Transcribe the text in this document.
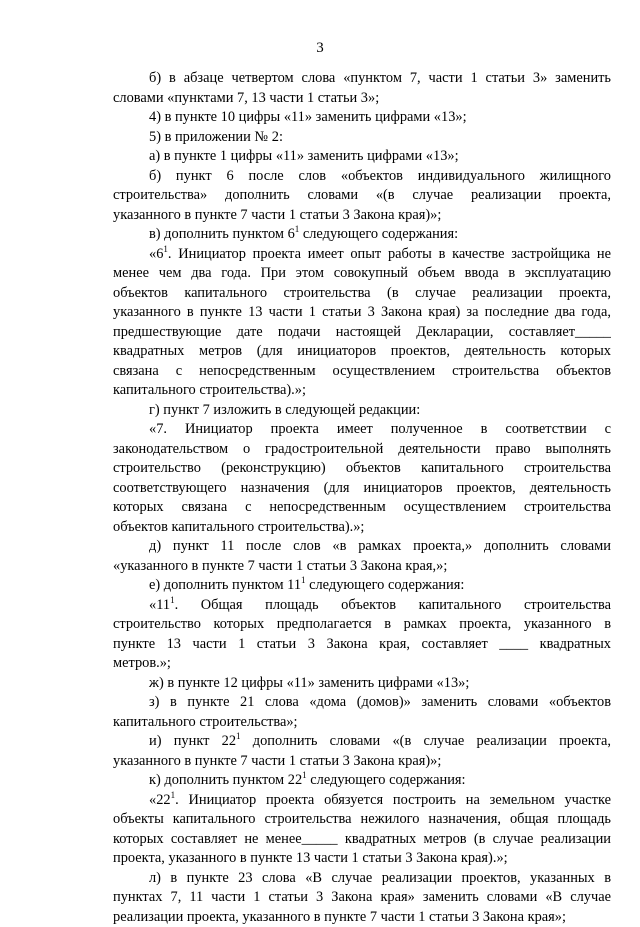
3
б) в абзаце четвертом слова «пунктом 7, части 1 статьи 3» заменить
словами «пунктами 7, 13 части 1 статьи 3»;
4) в пункте 10 цифры «11» заменить цифрами «13»;
5) в приложении № 2:
а) в пункте 1 цифры «11» заменить цифрами «13»;
б) пункт 6 после слов «объектов индивидуального жилищного
строительства» дополнить словами «(в случае реализации проекта,
указанного в пункте 7 части 1 статьи 3 Закона края)»;
в) дополнить пунктом $6^1$ следующего содержания:
«$6^1$. Инициатор проекта имеет опыт работы в качестве застройщика не
менее чем два года. При этом совокупный объем ввода в эксплуатацию
объектов капитального строительства (в случае реализации проекта,
указанного в пункте 13 части 1 статьи 3 Закона края) за последние два года,
предшествующие дате подачи настоящей Декларации, составляет_____
квадратных метров (для инициаторов проектов, деятельность которых
связана с непосредственным осуществлением строительства объектов
капитального строительства).»;
г) пункт 7 изложить в следующей редакции:
«7. Инициатор проекта имеет полученное в соответствии с
законодательством о градостроительной деятельности право выполнять
строительство (реконструкцию) объектов капитального строительства
соответствующего назначения (для инициаторов проектов, деятельность
которых связана с непосредственным осуществлением строительства
объектов капитального строительства).»;
д) пункт 11 после слов «в рамках проекта,» дополнить словами
«указанного в пункте 7 части 1 статьи 3 Закона края,»;
е) дополнить пунктом $11^1$ следующего содержания:
«$11^1$. Общая площадь объектов капитального строительства
строительство которых предполагается в рамках проекта, указанного в
пункте 13 части 1 статьи 3 Закона края, составляет ____ квадратных
метров.»;
ж) в пункте 12 цифры «11» заменить цифрами «13»;
з) в пункте 21 слова «дома (домов)» заменить словами «объектов
капитального строительства»;
и) пункт $22^1$ дополнить словами «(в случае реализации проекта,
указанного в пункте 7 части 1 статьи 3 Закона края)»;
к) дополнить пунктом $22^1$ следующего содержания:
«$22^1$. Инициатор проекта обязуется построить на земельном участке
объекты капитального строительства нежилого назначения, общая площадь
которых составляет не менее_____ квадратных метров (в случае реализации
проекта, указанного в пункте 13 части 1 статьи 3 Закона края).»;
л) в пункте 23 слова «В случае реализации проектов, указанных в
пунктах 7, 11 части 1 статьи 3 Закона края» заменить словами «В случае
реализации проекта, указанного в пункте 7 части 1 статьи 3 Закона края»;
